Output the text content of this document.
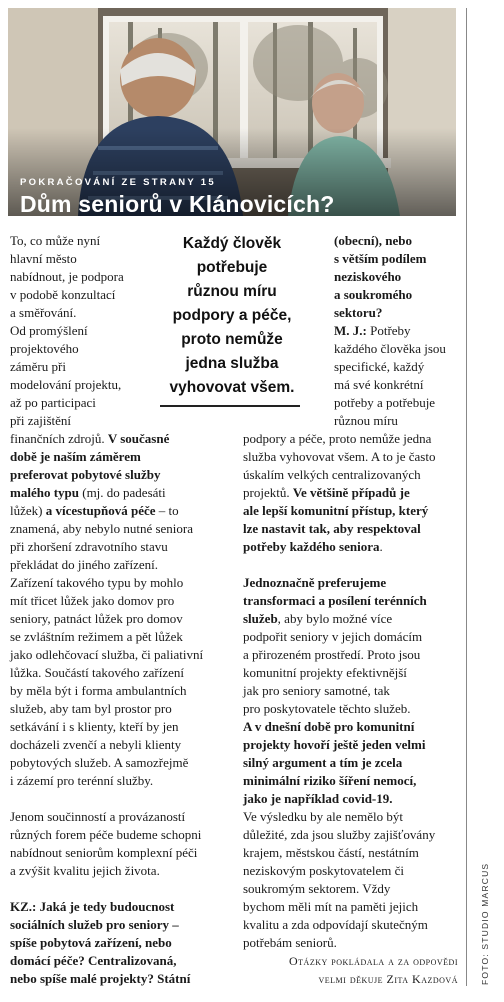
POKRAČOVÁNÍ ZE STRANY 15
Dům seniorů v Klánovicích?
FOTO: STUDIO MARCUS
To, co může nyní
hlavní město
nabídnout, je podpora
v podobě konzultací
a směřování.
Od promýšlení
projektového
záměru při
modelování projektu,
až po participaci
při zajištění
finančních zdrojů. V současné
době je naším záměrem
preferovat pobytové služby
malého typu (mj. do padesáti
lůžek) a vícestupňová péče – to
znamená, aby nebylo nutné seniora
při zhoršení zdravotního stavu
překládat do jiného zařízení.
Zařízení takového typu by mohlo
mít třicet lůžek jako domov pro
seniory, patnáct lůžek pro domov
se zvláštním režimem a pět lůžek
jako odlehčovací služba, či paliativní
lůžka. Součástí takového zařízení
by měla být i forma ambulantních
služeb, aby tam byl prostor pro
setkávání i s klienty, kteří by jen
docházeli zvenčí a nebyli klienty
pobytových služeb. A samozřejmě
i zázemí pro terénní služby.
Jenom součinností a provázaností
různých forem péče budeme schopni
nabídnout seniorům komplexní péči
a zvýšit kvalitu jejich života.
KZ.: Jaká je tedy budoucnost
sociálních služeb pro seniory –
spíše pobytová zařízení, nebo
domácí péče? Centralizovaná,
nebo spíše malé projekty? Státní
Každý člověk
potřebuje
různou míru
podpory a péče,
proto nemůže
jedna služba
vyhovovat všem.
(obecní), nebo
s větším podílem
neziskového
a soukromého
sektoru?
M. J.: Potřeby
každého člověka jsou
specifické, každý
má své konkrétní
potřeby a potřebuje
různou míru
podpory a péče, proto nemůže jedna
služba vyhovovat všem. A to je často
úskalím velkých centralizovaných
projektů. Ve většině případů je
ale lepší komunitní přístup, který
lze nastavit tak, aby respektoval
potřeby každého seniora.
Jednoznačně preferujeme
transformaci a posílení terénních
služeb, aby bylo možné více
podpořit seniory v jejich domácím
a přirozeném prostředí. Proto jsou
komunitní projekty efektivnější
jak pro seniory samotné, tak
pro poskytovatele těchto služeb.
A v dnešní době pro komunitní
projekty hovoří ještě jeden velmi
silný argument a tím je zcela
minimální riziko šíření nemocí,
jako je například covid-19.
Ve výsledku by ale nemělo být
důležité, zda jsou služby zajišťovány
krajem, městskou částí, nestátním
neziskovým poskytovatelem či
soukromým sektorem. Vždy
bychom měli mít na paměti jejich
kvalitu a zda odpovídají skutečným
potřebám seniorů.
Otázky pokládala a za odpovědi
velmi děkuje Zita Kazdová
